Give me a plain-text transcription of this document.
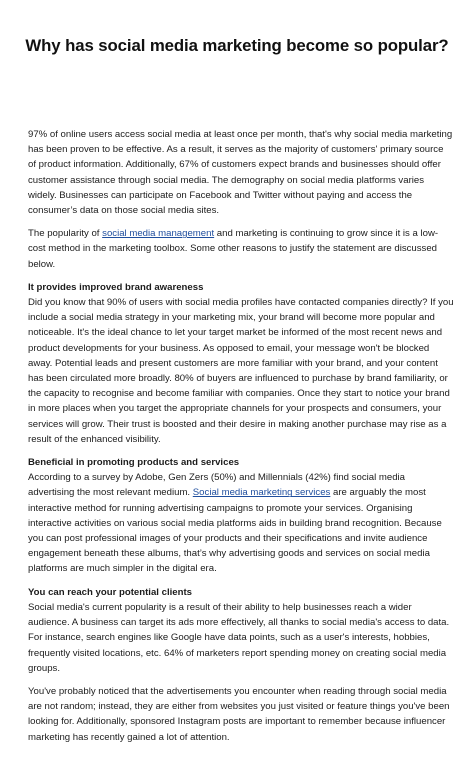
Why has social media marketing become so popular?

97% of online users access social media at least once per month, that's why social media marketing has been proven to be effective. As a result, it serves as the majority of customers' primary source of product information. Additionally, 67% of customers expect brands and businesses should offer customer assistance through social media. The demography on social media platforms varies widely. Businesses can participate on Facebook and Twitter without paying and access the consumer’s data on those social media sites.

The popularity of social media management and marketing is continuing to grow since it is a low-cost method in the marketing toolbox. Some other reasons to justify the statement are discussed below.

It provides improved brand awareness
Did you know that 90% of users with social media profiles have contacted companies directly? If you include a social media strategy in your marketing mix, your brand will become more popular and noticeable. It's the ideal chance to let your target market be informed of the most recent news and product developments for your business. As opposed to email, your message won't be blocked away. Potential leads and present customers are more familiar with your brand, and your content has been circulated more broadly. 80% of buyers are influenced to purchase by brand familiarity, or the capacity to recognise and become familiar with companies. Once they start to notice your brand in more places when you target the appropriate channels for your prospects and consumers, your services will grow. Their trust is boosted and their desire in making another purchase may rise as a result of the enhanced visibility.

Beneficial in promoting products and services
According to a survey by Adobe, Gen Zers (50%) and Millennials (42%) find social media advertising the most relevant medium. Social media marketing services are arguably the most interactive method for running advertising campaigns to promote your services. Organising interactive activities on various social media platforms aids in building brand recognition. Because you can post professional images of your products and their specifications and invite audience engagement beneath these albums, that’s why advertising goods and services on social media platforms are much simpler in the digital era.

You can reach your potential clients
Social media's current popularity is a result of their ability to help businesses reach a wider audience. A business can target its ads more effectively, all thanks to social media's access to data. For instance, search engines like Google have data points, such as a user's interests, hobbies, frequently visited locations, etc. 64% of marketers report spending money on creating social media groups.

You've probably noticed that the advertisements you encounter when reading through social media are not random; instead, they are either from websites you just visited or feature things you've been looking for. Additionally, sponsored Instagram posts are important to remember because influencer marketing has recently gained a lot of attention.
